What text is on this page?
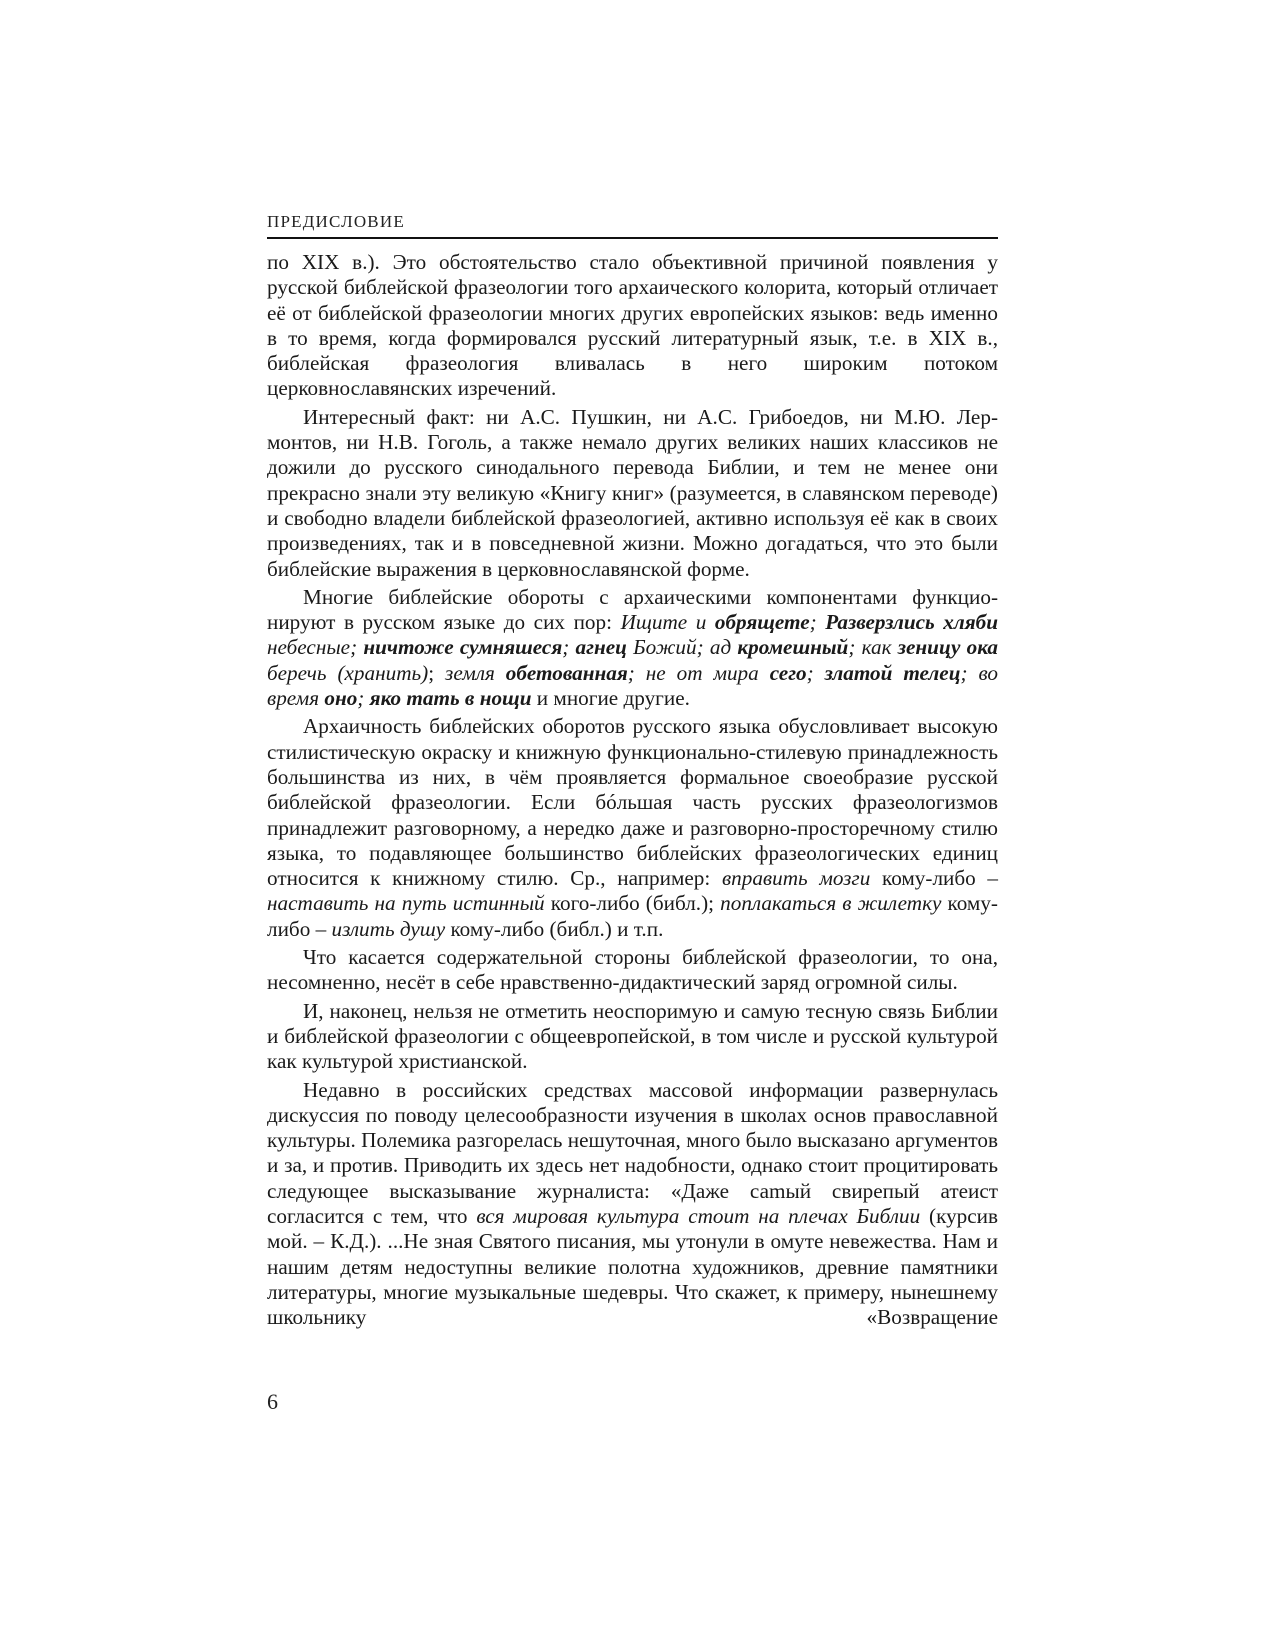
ПРЕДИСЛОВИЕ

по XIX в.). Это обстоятельство стало объективной причиной появления у русской библейской фразеологии того архаического колорита, который отличает её от библейской фразеологии многих других европейских языков: ведь именно в то время, когда формировался русский литературный язык, т.е. в XIX в., библейская фразеология вливалась в него широким потоком церковнославянских изречений.

Интересный факт: ни А.С. Пушкин, ни А.С. Грибоедов, ни М.Ю. Лермонтов, ни Н.В. Гоголь, а также немало других великих наших классиков не дожили до русского синодального перевода Библии, и тем не менее они прекрасно знали эту великую «Книгу книг» (разумеется, в славянском переводе) и свободно владели библейской фразеологией, активно используя её как в своих произведениях, так и в повседневной жизни. Можно догадаться, что это были библейские выражения в церковнославянской форме.

Многие библейские обороты с архаическими компонентами функционируют в русском языке до сих пор: Ищите и обрящете; Разверзлись хляби небесные; ничтоже сумняшеся; агнец Божий; ад кромешный; как зеницу ока беречь (хранить); земля обетованная; не от мира сего; златой телец; во время оно; яко тать в нощи и многие другие.

Архаичность библейских оборотов русского языка обусловливает высокую стилистическую окраску и книжную функционально-стилевую принадлежность большинства из них, в чём проявляется формальное своеобразие русской библейской фразеологии. Если бóльшая часть русских фразеологизмов принадлежит разговорному, а нередко даже и разговорно-просторечному стилю языка, то подавляющее большинство библейских фразеологических единиц относится к книжному стилю. Ср., например: вправить мозги кому-либо – наставить на путь истинный кого-либо (библ.); поплакаться в жилетку кому-либо – излить душу кому-либо (библ.) и т.п.

Что касается содержательной стороны библейской фразеологии, то она, несомненно, несёт в себе нравственно-дидактический заряд огромной силы.

И, наконец, нельзя не отметить неоспоримую и самую тесную связь Библии и библейской фразеологии с общеевропейской, в том числе и русской культурой как культурой христианской.

Недавно в российских средствах массовой информации развернулась дискуссия по поводу целесообразности изучения в школах основ православной культуры. Полемика разгорелась нешуточная, много было высказано аргументов и за, и против. Приводить их здесь нет надобности, однако стоит процитировать следующее высказывание журналиста: «Даже саmый свирепый атеист согласится с тем, что вся мировая культура стоит на плечах Библии (курсив мой. – К.Д.). ...Не зная Святого писания, мы утонули в омуте невежества. Нам и нашим детям недоступны великие полотна художников, древние памятники литературы, многие музыкальные шедевры. Что скажет, к примеру, нынешнему школьнику «Возвращение

6
